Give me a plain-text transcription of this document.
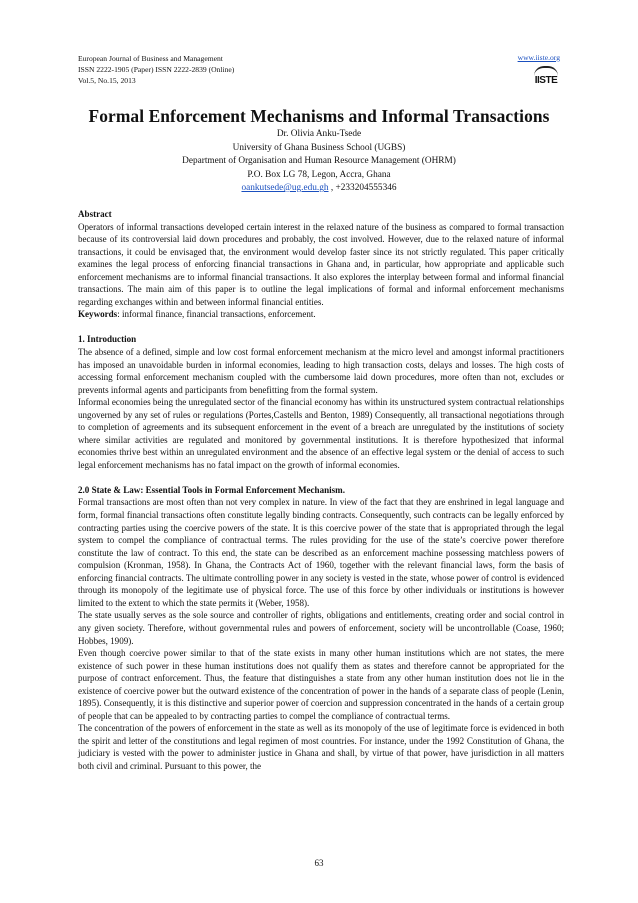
European Journal of Business and Management
ISSN 2222-1905 (Paper) ISSN 2222-2839 (Online)
Vol.5, No.15, 2013
www.iiste.org
IISTE
Formal Enforcement Mechanisms and Informal Transactions
Dr. Olivia Anku-Tsede
University of Ghana Business School (UGBS)
Department of Organisation and Human Resource Management (OHRM)
P.O. Box LG 78, Legon, Accra, Ghana
oankutsede@ug.edu.gh , +233204555346

Abstract

Operators of informal transactions developed certain interest in the relaxed nature of the business as compared to formal transaction because of its controversial laid down procedures and probably, the cost involved. However, due to the relaxed nature of informal transactions, it could be envisaged that, the environment would develop faster since its not strictly regulated. This paper critically examines the legal process of enforcing financial transactions in Ghana and, in particular, how appropriate and applicable such enforcement mechanisms are to informal financial transactions. It also explores the interplay between formal and informal financial transactions. The main aim of this paper is to outline the legal implications of formal and informal enforcement mechanisms regarding exchanges within and between informal financial entities.

Keywords: informal finance, financial transactions, enforcement.

1. Introduction

The absence of a defined, simple and low cost formal enforcement mechanism at the micro level and amongst informal practitioners has imposed an unavoidable burden in informal economies, leading to high transaction costs, delays and losses. The high costs of accessing formal enforcement mechanism coupled with the cumbersome laid down procedures, more often than not, excludes or prevents informal agents and participants from benefitting from the formal system.

Informal economies being the unregulated sector of the financial economy has within its unstructured system contractual relationships ungoverned by any set of rules or regulations (Portes,Castells and Benton, 1989) Consequently, all transactional negotiations through to completion of agreements and its subsequent enforcement in the event of a breach are unregulated by the institutions of society where similar activities are regulated and monitored by governmental institutions. It is therefore hypothesized that informal economies thrive best within an unregulated environment and the absence of an effective legal system or the denial of access to such legal enforcement mechanisms has no fatal impact on the growth of informal economies.

2.0 State & Law: Essential Tools in Formal Enforcement Mechanism.

Formal transactions are most often than not very complex in nature. In view of the fact that they are enshrined in legal language and form, formal financial transactions often constitute legally binding contracts. Consequently, such contracts can be legally enforced by contracting parties using the coercive powers of the state. It is this coercive power of the state that is appropriated through the legal system to compel the compliance of contractual terms. The rules providing for the use of the state’s coercive power therefore constitute the law of contract. To this end, the state can be described as an enforcement machine possessing matchless powers of compulsion (Kronman, 1958). In Ghana, the Contracts Act of 1960, together with the relevant financial laws, form the basis of enforcing financial contracts. The ultimate controlling power in any society is vested in the state, whose power of control is evidenced through its monopoly of the legitimate use of physical force. The use of this force by other individuals or institutions is however limited to the extent to which the state permits it (Weber, 1958).

The state usually serves as the sole source and controller of rights, obligations and entitlements, creating order and social control in any given society. Therefore, without governmental rules and powers of enforcement, society will be uncontrollable (Coase, 1960; Hobbes, 1909).

Even though coercive power similar to that of the state exists in many other human institutions which are not states, the mere existence of such power in these human institutions does not qualify them as states and therefore cannot be appropriated for the purpose of contract enforcement. Thus, the feature that distinguishes a state from any other human institution does not lie in the existence of coercive power but the outward existence of the concentration of power in the hands of a separate class of people (Lenin, 1895). Consequently, it is this distinctive and superior power of coercion and suppression concentrated in the hands of a certain group of people that can be appealed to by contracting parties to compel the compliance of contractual terms.

The concentration of the powers of enforcement in the state as well as its monopoly of the use of legitimate force is evidenced in both the spirit and letter of the constitutions and legal regimen of most countries. For instance, under the 1992 Constitution of Ghana, the judiciary is vested with the power to administer justice in Ghana and shall, by virtue of that power, have jurisdiction in all matters both civil and criminal. Pursuant to this power, the

63
